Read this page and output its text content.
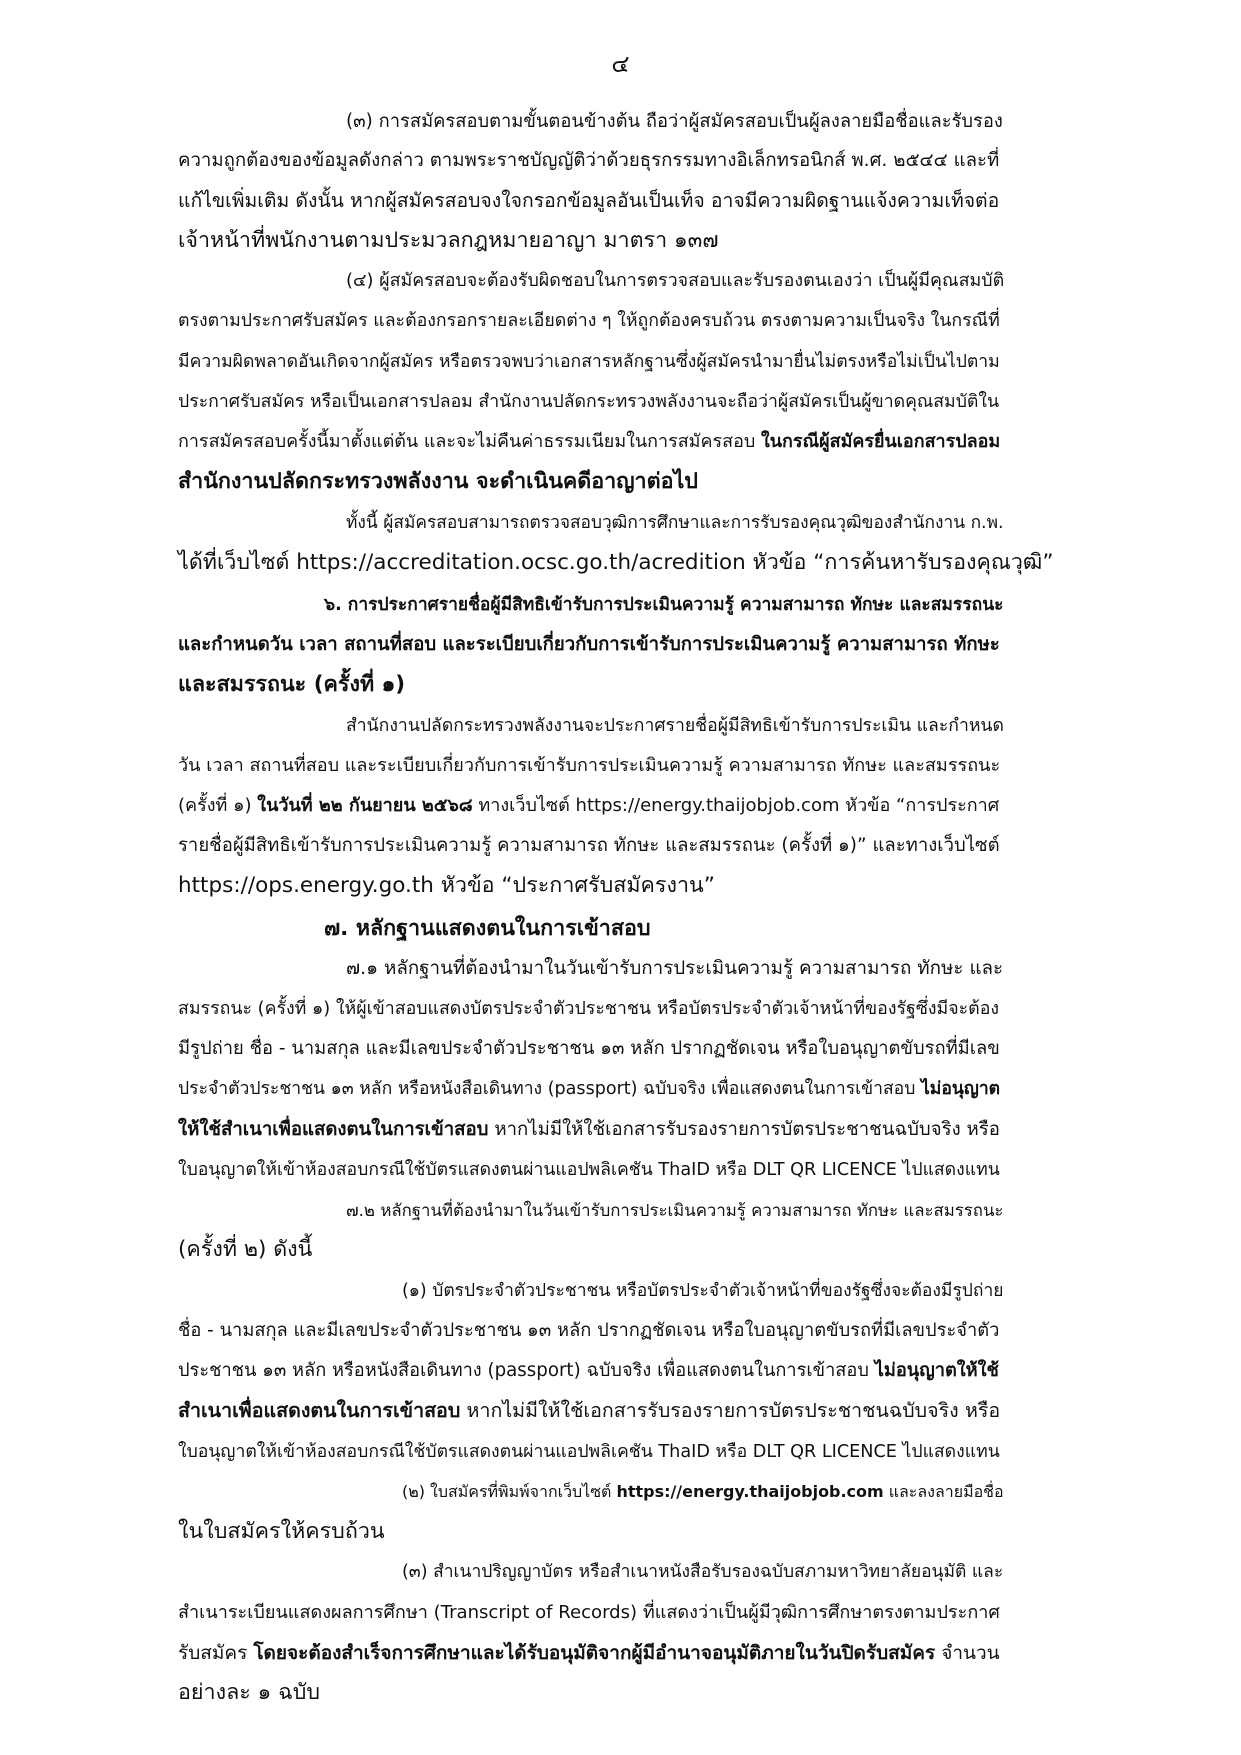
๔
(๓) การสมัครสอบตามขั้นตอนข้างต้น ถือว่าผู้สมัครสอบเป็นผู้ลงลายมือชื่อและรับรอง
ความถูกต้องของข้อมูลดังกล่าว ตามพระราชบัญญัติว่าด้วยธุรกรรมทางอิเล็กทรอนิกส์ พ.ศ. ๒๕๔๔ และที่
แก้ไขเพิ่มเติม ดังนั้น หากผู้สมัครสอบจงใจกรอกข้อมูลอันเป็นเท็จ อาจมีความผิดฐานแจ้งความเท็จต่อ
เจ้าหน้าที่พนักงานตามประมวลกฎหมายอาญา มาตรา ๑๓๗
(๔) ผู้สมัครสอบจะต้องรับผิดชอบในการตรวจสอบและรับรองตนเองว่า เป็นผู้มีคุณสมบัติ
ตรงตามประกาศรับสมัคร และต้องกรอกรายละเอียดต่าง ๆ ให้ถูกต้องครบถ้วน ตรงตามความเป็นจริง ในกรณีที่
มีความผิดพลาดอันเกิดจากผู้สมัคร หรือตรวจพบว่าเอกสารหลักฐานซึ่งผู้สมัครนำมายื่นไม่ตรงหรือไม่เป็นไปตาม
ประกาศรับสมัคร หรือเป็นเอกสารปลอม สำนักงานปลัดกระทรวงพลังงานจะถือว่าผู้สมัครเป็นผู้ขาดคุณสมบัติใน
การสมัครสอบครั้งนี้มาตั้งแต่ต้น และจะไม่คืนค่าธรรมเนียมในการสมัครสอบ ในกรณีผู้สมัครยื่นเอกสารปลอม
สำนักงานปลัดกระทรวงพลังงาน จะดำเนินคดีอาญาต่อไป
ทั้งนี้ ผู้สมัครสอบสามารถตรวจสอบวุฒิการศึกษาและการรับรองคุณวุฒิของสำนักงาน ก.พ.
ได้ที่เว็บไซต์ https://accreditation.ocsc.go.th/acredition หัวข้อ “การค้นหารับรองคุณวุฒิ”
๖. การประกาศรายชื่อผู้มีสิทธิเข้ารับการประเมินความรู้ ความสามารถ ทักษะ และสมรรถนะ
และกำหนดวัน เวลา สถานที่สอบ และระเบียบเกี่ยวกับการเข้ารับการประเมินความรู้ ความสามารถ ทักษะ
และสมรรถนะ (ครั้งที่ ๑)
สำนักงานปลัดกระทรวงพลังงานจะประกาศรายชื่อผู้มีสิทธิเข้ารับการประเมิน และกำหนด
วัน เวลา สถานที่สอบ และระเบียบเกี่ยวกับการเข้ารับการประเมินความรู้ ความสามารถ ทักษะ และสมรรถนะ
(ครั้งที่ ๑) ในวันที่ ๒๒ กันยายน ๒๕๖๘ ทางเว็บไซต์ https://energy.thaijobjob.com หัวข้อ “การประกาศ
รายชื่อผู้มีสิทธิเข้ารับการประเมินความรู้ ความสามารถ ทักษะ และสมรรถนะ (ครั้งที่ ๑)” และทางเว็บไซต์
https://ops.energy.go.th หัวข้อ “ประกาศรับสมัครงาน”
๗. หลักฐานแสดงตนในการเข้าสอบ
๗.๑ หลักฐานที่ต้องนำมาในวันเข้ารับการประเมินความรู้ ความสามารถ ทักษะ และ
สมรรถนะ (ครั้งที่ ๑) ให้ผู้เข้าสอบแสดงบัตรประจำตัวประชาชน หรือบัตรประจำตัวเจ้าหน้าที่ของรัฐซึ่งมีจะต้อง
มีรูปถ่าย ชื่อ - นามสกุล และมีเลขประจำตัวประชาชน ๑๓ หลัก ปรากฏชัดเจน หรือใบอนุญาตขับรถที่มีเลข
ประจำตัวประชาชน ๑๓ หลัก หรือหนังสือเดินทาง (passport) ฉบับจริง เพื่อแสดงตนในการเข้าสอบ ไม่อนุญาต
ให้ใช้สำเนาเพื่อแสดงตนในการเข้าสอบ หากไม่มีให้ใช้เอกสารรับรองรายการบัตรประชาชนฉบับจริง หรือ
ใบอนุญาตให้เข้าห้องสอบกรณีใช้บัตรแสดงตนผ่านแอปพลิเคชัน ThaID หรือ DLT QR LICENCE ไปแสดงแทน
๗.๒ หลักฐานที่ต้องนำมาในวันเข้ารับการประเมินความรู้ ความสามารถ ทักษะ และสมรรถนะ
(ครั้งที่ ๒) ดังนี้
(๑) บัตรประจำตัวประชาชน หรือบัตรประจำตัวเจ้าหน้าที่ของรัฐซึ่งจะต้องมีรูปถ่าย
ชื่อ - นามสกุล และมีเลขประจำตัวประชาชน ๑๓ หลัก ปรากฏชัดเจน หรือใบอนุญาตขับรถที่มีเลขประจำตัว
ประชาชน ๑๓ หลัก หรือหนังสือเดินทาง (passport) ฉบับจริง เพื่อแสดงตนในการเข้าสอบ ไม่อนุญาตให้ใช้
สำเนาเพื่อแสดงตนในการเข้าสอบ หากไม่มีให้ใช้เอกสารรับรองรายการบัตรประชาชนฉบับจริง หรือ
ใบอนุญาตให้เข้าห้องสอบกรณีใช้บัตรแสดงตนผ่านแอปพลิเคชัน ThaID หรือ DLT QR LICENCE ไปแสดงแทน
(๒) ใบสมัครที่พิมพ์จากเว็บไซต์ https://energy.thaijobjob.com และลงลายมือชื่อ
ในใบสมัครให้ครบถ้วน
(๓) สำเนาปริญญาบัตร หรือสำเนาหนังสือรับรองฉบับสภามหาวิทยาลัยอนุมัติ และ
สำเนาระเบียนแสดงผลการศึกษา (Transcript of Records) ที่แสดงว่าเป็นผู้มีวุฒิการศึกษาตรงตามประกาศ
รับสมัคร โดยจะต้องสำเร็จการศึกษาและได้รับอนุมัติจากผู้มีอำนาจอนุมัติภายในวันปิดรับสมัคร จำนวน
อย่างละ ๑ ฉบับ
